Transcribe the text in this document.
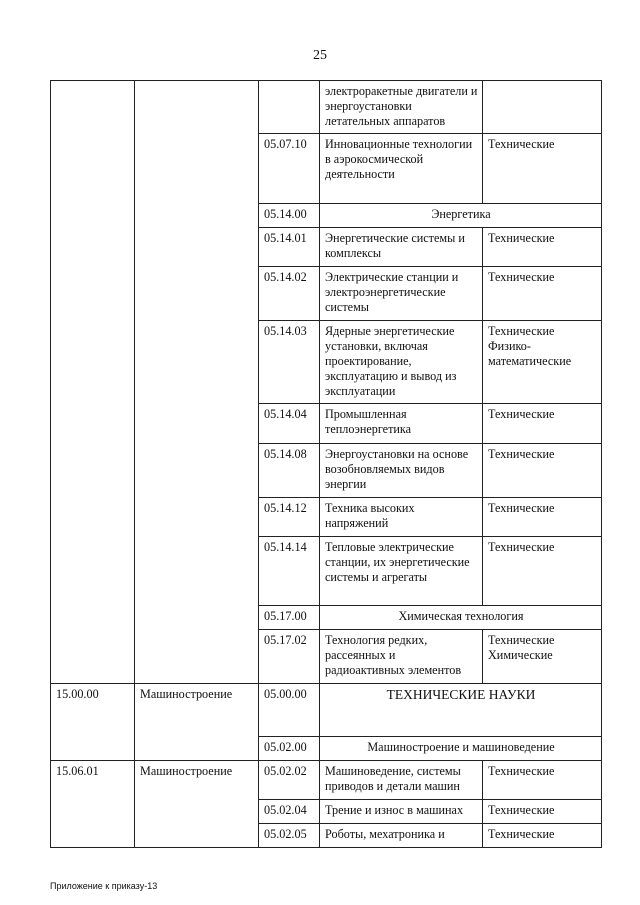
25
			электроракетные двигатели и энергоустановки летательных аппаратов	
		05.07.10	Инновационные технологии в аэрокосмической деятельности	Технические
		05.14.00	Энергетика	
		05.14.01	Энергетические системы и комплексы	Технические
		05.14.02	Электрические станции и электроэнергетические системы	Технические
		05.14.03	Ядерные энергетические установки, включая проектирование, эксплуатацию и вывод из эксплуатации	Технические Физико-математические
		05.14.04	Промышленная теплоэнергетика	Технические
		05.14.08	Энергоустановки на основе возобновляемых видов энергии	Технические
		05.14.12	Техника высоких напряжений	Технические
		05.14.14	Тепловые электрические станции, их энергетические системы и агрегаты	Технические
		05.17.00	Химическая технология	
		05.17.02	Технология редких, рассеянных и радиоактивных элементов	Технические Химические
15.00.00	Машиностроение	05.00.00	ТЕХНИЧЕСКИЕ НАУКИ	
		05.02.00	Машиностроение и машиноведение	
15.06.01	Машиностроение	05.02.02	Машиноведение, системы приводов и детали машин	Технические
		05.02.04	Трение и износ в машинах	Технические
		05.02.05	Роботы, мехатроника и	Технические
Приложение к приказу-13
